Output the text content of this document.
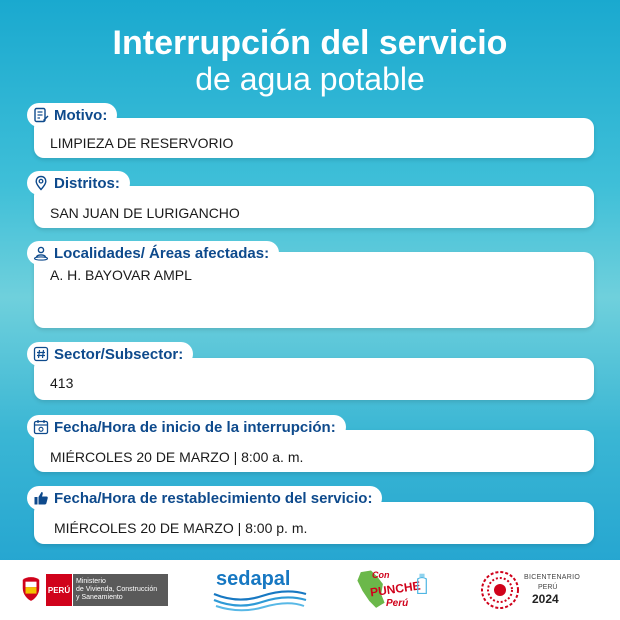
Interrupción del servicio
de agua potable
LIMPIEZA DE RESERVORIO
Motivo:
SAN JUAN DE LURIGANCHO
Distritos:
A. H. BAYOVAR AMPL
Localidades/ Áreas afectadas:
413
Sector/Subsector:
MIÉRCOLES 20 DE MARZO | 8:00 a. m.
Fecha/Hora de inicio de la interrupción:
MIÉRCOLES 20 DE MARZO | 8:00 p. m.
Fecha/Hora de restablecimiento del servicio:
PERÚ
Ministerio
de Vivienda, Construcción
y Saneamiento
sedapal	Con
PUNCHE
Perú
BICENTENARIO
PERÚ
2024
